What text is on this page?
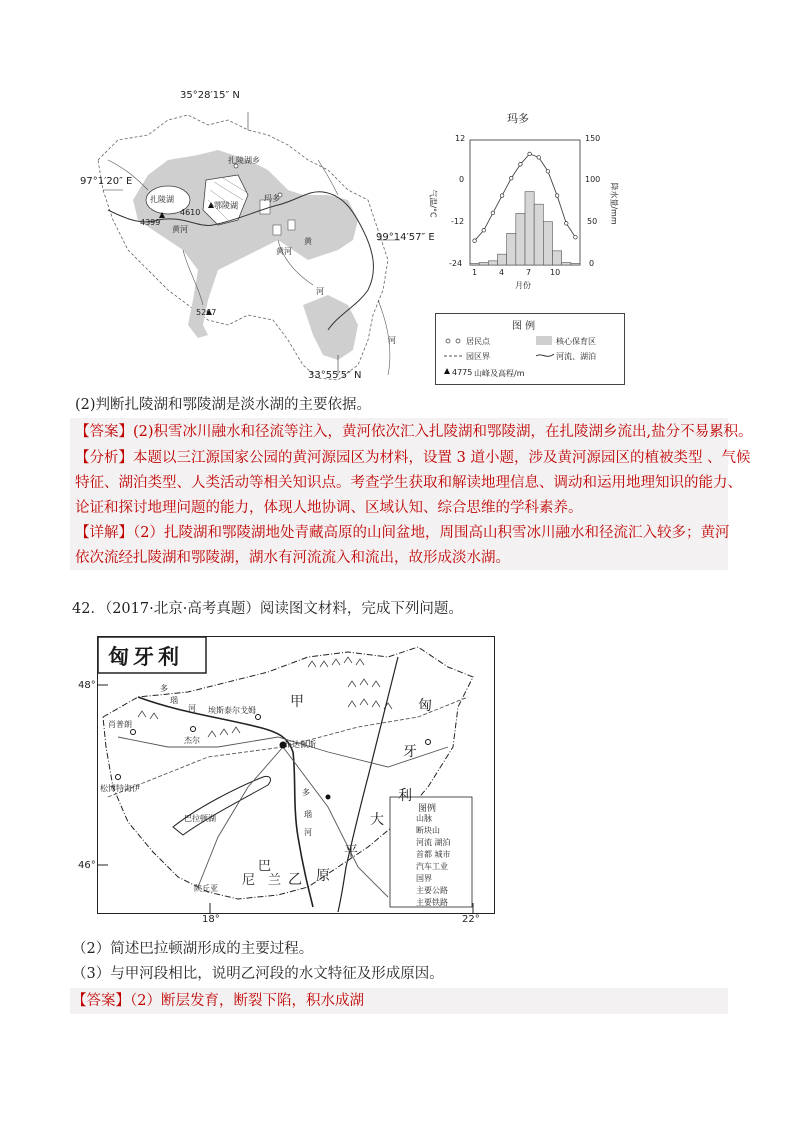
35°28′15″ N
97°1′20″ E
99°14′57″ E
33°55′5″ N
扎陵湖乡
扎陵湖
鄂陵湖
玛多
黄河
黄
河
黄河
河
4610
4399
5267
玛多
12
0
-12
-24
150
100
50
0
1	4	7 10
月份
气温/°C	降水量/mm
图 例
居民点	核心保育区
园区界	河流、湖泊
4775 山峰及高程/m
(2)判断扎陵湖和鄂陵湖是淡水湖的主要依据。
【答案】(2)积雪冰川融水和径流等注入，黄河依次汇入扎陵湖和鄂陵湖，在扎陵湖乡流出,盐分不易累积。
【分析】本题以三江源国家公园的黄河源园区为材料，设置 3 道小题，涉及黄河源园区的植被类型 、气候
特征、湖泊类型、人类活动等相关知识点。考查学生获取和解读地理信息、调动和运用地理知识的能力、
论证和探讨地理问题的能力，体现人地协调、区域认知、综合思维的学科素养。
【详解】（2）扎陵湖和鄂陵湖地处青藏高原的山间盆地，周围高山积雪冰川融水和径流汇入较多；黄河
依次流经扎陵湖和鄂陵湖，湖水有河流流入和流出，故形成淡水湖。
42．（2017·北京·高考真题）阅读图文材料，完成下列问题。
匈牙利
图例
山脉
断块山
河流 湖泊
首都 城市
汽车工业
国界
主要公路
主要铁路
多
瑙
河
肖普朗
杰尔
埃斯泰尔戈姆
布达佩斯
松博特海伊
巴拉顿湖
甲	匈
牙
利
多
瑙
河
大
平
原
巴
兰
尼
陕丘亚
乙
48°
46°
18°	22°
（2）简述巴拉顿湖形成的主要过程。
（3）与甲河段相比，说明乙河段的水文特征及形成原因。
【答案】（2）断层发育，断裂下陷，积水成湖
